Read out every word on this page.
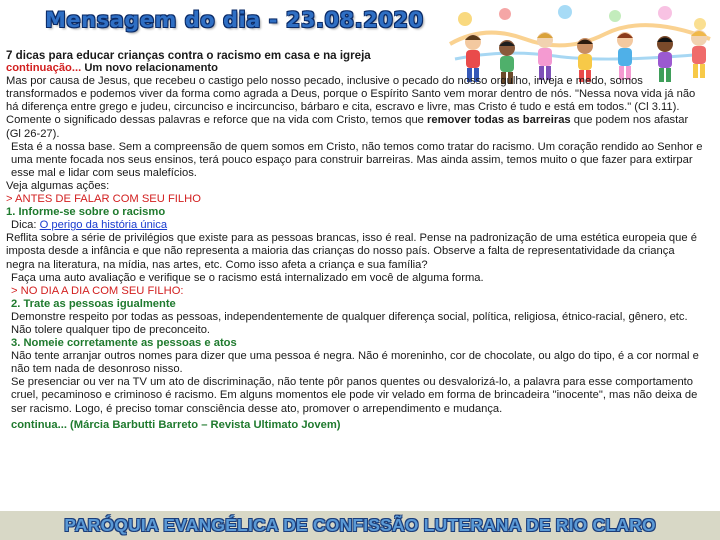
Mensagem do dia - 23.08.2020

7 dicas para educar crianças contra o racismo em casa e na igreja

continuação... Um novo relacionamento

Mas por causa de Jesus, que recebeu o castigo pelo nosso pecado, inclusive o pecado do nosso orgulho, inveja e medo, somos transformados e podemos viver da forma como agrada a Deus, porque o Espírito Santo vem morar dentro de nós. "Nessa nova vida já não há diferença entre grego e judeu, circunciso e incircunciso, bárbaro e cita, escravo e livre, mas Cristo é tudo e está em todos." (Cl 3.11). Comente o significado dessas palavras e reforce que na vida com Cristo, temos que remover todas as barreiras que podem nos afastar (Gl 26-27).

Esta é a nossa base. Sem a compreensão de quem somos em Cristo, não temos como tratar do racismo. Um coração rendido ao Senhor e uma mente focada nos seus ensinos, terá pouco espaço para construir barreiras. Mas ainda assim, temos muito o que fazer para extirpar esse mal e lidar com seus malefícios.

Veja algumas ações:

> ANTES DE FALAR COM SEU FILHO

1. Informe-se sobre o racismo

Dica: O perigo da história única

Reflita sobre a série de privilégios que existe para as pessoas brancas, isso é real. Pense na padronização de uma estética europeia que é imposta desde a infância e que não representa a maioria das crianças do nosso país. Observe a falta de representatividade da criança negra na literatura, na mídia, nas artes, etc. Como isso afeta a criança e sua família?

Faça uma auto avaliação e verifique se o racismo está internalizado em você de alguma forma.

> NO DIA A DIA COM SEU FILHO:

2. Trate as pessoas igualmente

Demonstre respeito por todas as pessoas, independentemente de qualquer diferença social, política, religiosa, étnico-racial, gênero, etc. Não tolere qualquer tipo de preconceito.

3. Nomeie corretamente as pessoas e atos

Não tente arranjar outros nomes para dizer que uma pessoa é negra. Não é moreninho, cor de chocolate, ou algo do tipo, é a cor normal e não tem nada de desonroso nisso.

Se presenciar ou ver na TV um ato de discriminação, não tente pôr panos quentes ou desvalorizá-lo, a palavra para esse comportamento cruel, pecaminoso e criminoso é racismo. Em alguns momentos ele pode vir velado em forma de brincadeira "inocente", mas não deixa de ser racismo. Logo, é preciso tomar consciência desse ato, promover o arrependimento e mudança.

continua... (Márcia Barbutti Barreto – Revista Ultimato Jovem)

PARÓQUIA EVANGÉLICA DE CONFISSÃO LUTERANA DE RIO CLARO
